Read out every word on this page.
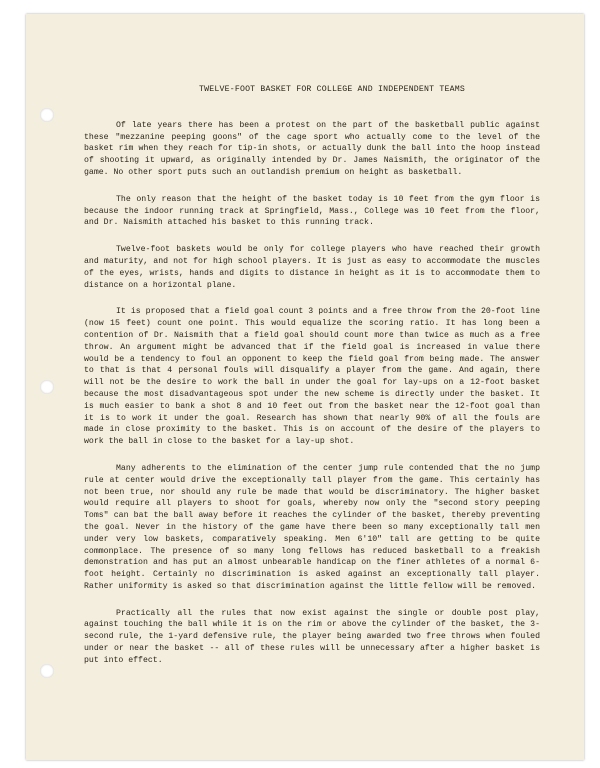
TWELVE-FOOT BASKET FOR COLLEGE AND INDEPENDENT TEAMS

Of late years there has been a protest on the part of the basketball public against these "mezzanine peeping goons" of the cage sport who actually come to the level of the basket rim when they reach for tip-in shots, or actually dunk the ball into the hoop instead of shooting it upward, as originally intended by Dr. James Naismith, the originator of the game. No other sport puts such an outlandish premium on height as basketball.

The only reason that the height of the basket today is 10 feet from the gym floor is because the indoor running track at Springfield, Mass., College was 10 feet from the floor, and Dr. Naismith attached his basket to this running track.

Twelve-foot baskets would be only for college players who have reached their growth and maturity, and not for high school players. It is just as easy to accommodate the muscles of the eyes, wrists, hands and digits to distance in height as it is to accommodate them to distance on a horizontal plane.

It is proposed that a field goal count 3 points and a free throw from the 20-foot line (now 15 feet) count one point. This would equalize the scoring ratio. It has long been a contention of Dr. Naismith that a field goal should count more than twice as much as a free throw. An argument might be advanced that if the field goal is increased in value there would be a tendency to foul an opponent to keep the field goal from being made. The answer to that is that 4 personal fouls will disqualify a player from the game. And again, there will not be the desire to work the ball in under the goal for lay-ups on a 12-foot basket because the most disadvantageous spot under the new scheme is directly under the basket. It is much easier to bank a shot 8 and 10 feet out from the basket near the 12-foot goal than it is to work it under the goal. Research has shown that nearly 90% of all the fouls are made in close proximity to the basket. This is on account of the desire of the players to work the ball in close to the basket for a lay-up shot.

Many adherents to the elimination of the center jump rule contended that the no jump rule at center would drive the exceptionally tall player from the game. This certainly has not been true, nor should any rule be made that would be discriminatory. The higher basket would require all players to shoot for goals, whereby now only the "second story peeping Toms" can bat the ball away before it reaches the cylinder of the basket, thereby preventing the goal. Never in the history of the game have there been so many exceptionally tall men under very low baskets, comparatively speaking. Men 6'10" tall are getting to be quite commonplace. The presence of so many long fellows has reduced basketball to a freakish demonstration and has put an almost unbearable handicap on the finer athletes of a normal 6-foot height. Certainly no discrimination is asked against an exceptionally tall player. Rather uniformity is asked so that discrimination against the little fellow will be removed.

Practically all the rules that now exist against the single or double post play, against touching the ball while it is on the rim or above the cylinder of the basket, the 3-second rule, the 1-yard defensive rule, the player being awarded two free throws when fouled under or near the basket -- all of these rules will be unnecessary after a higher basket is put into effect.
